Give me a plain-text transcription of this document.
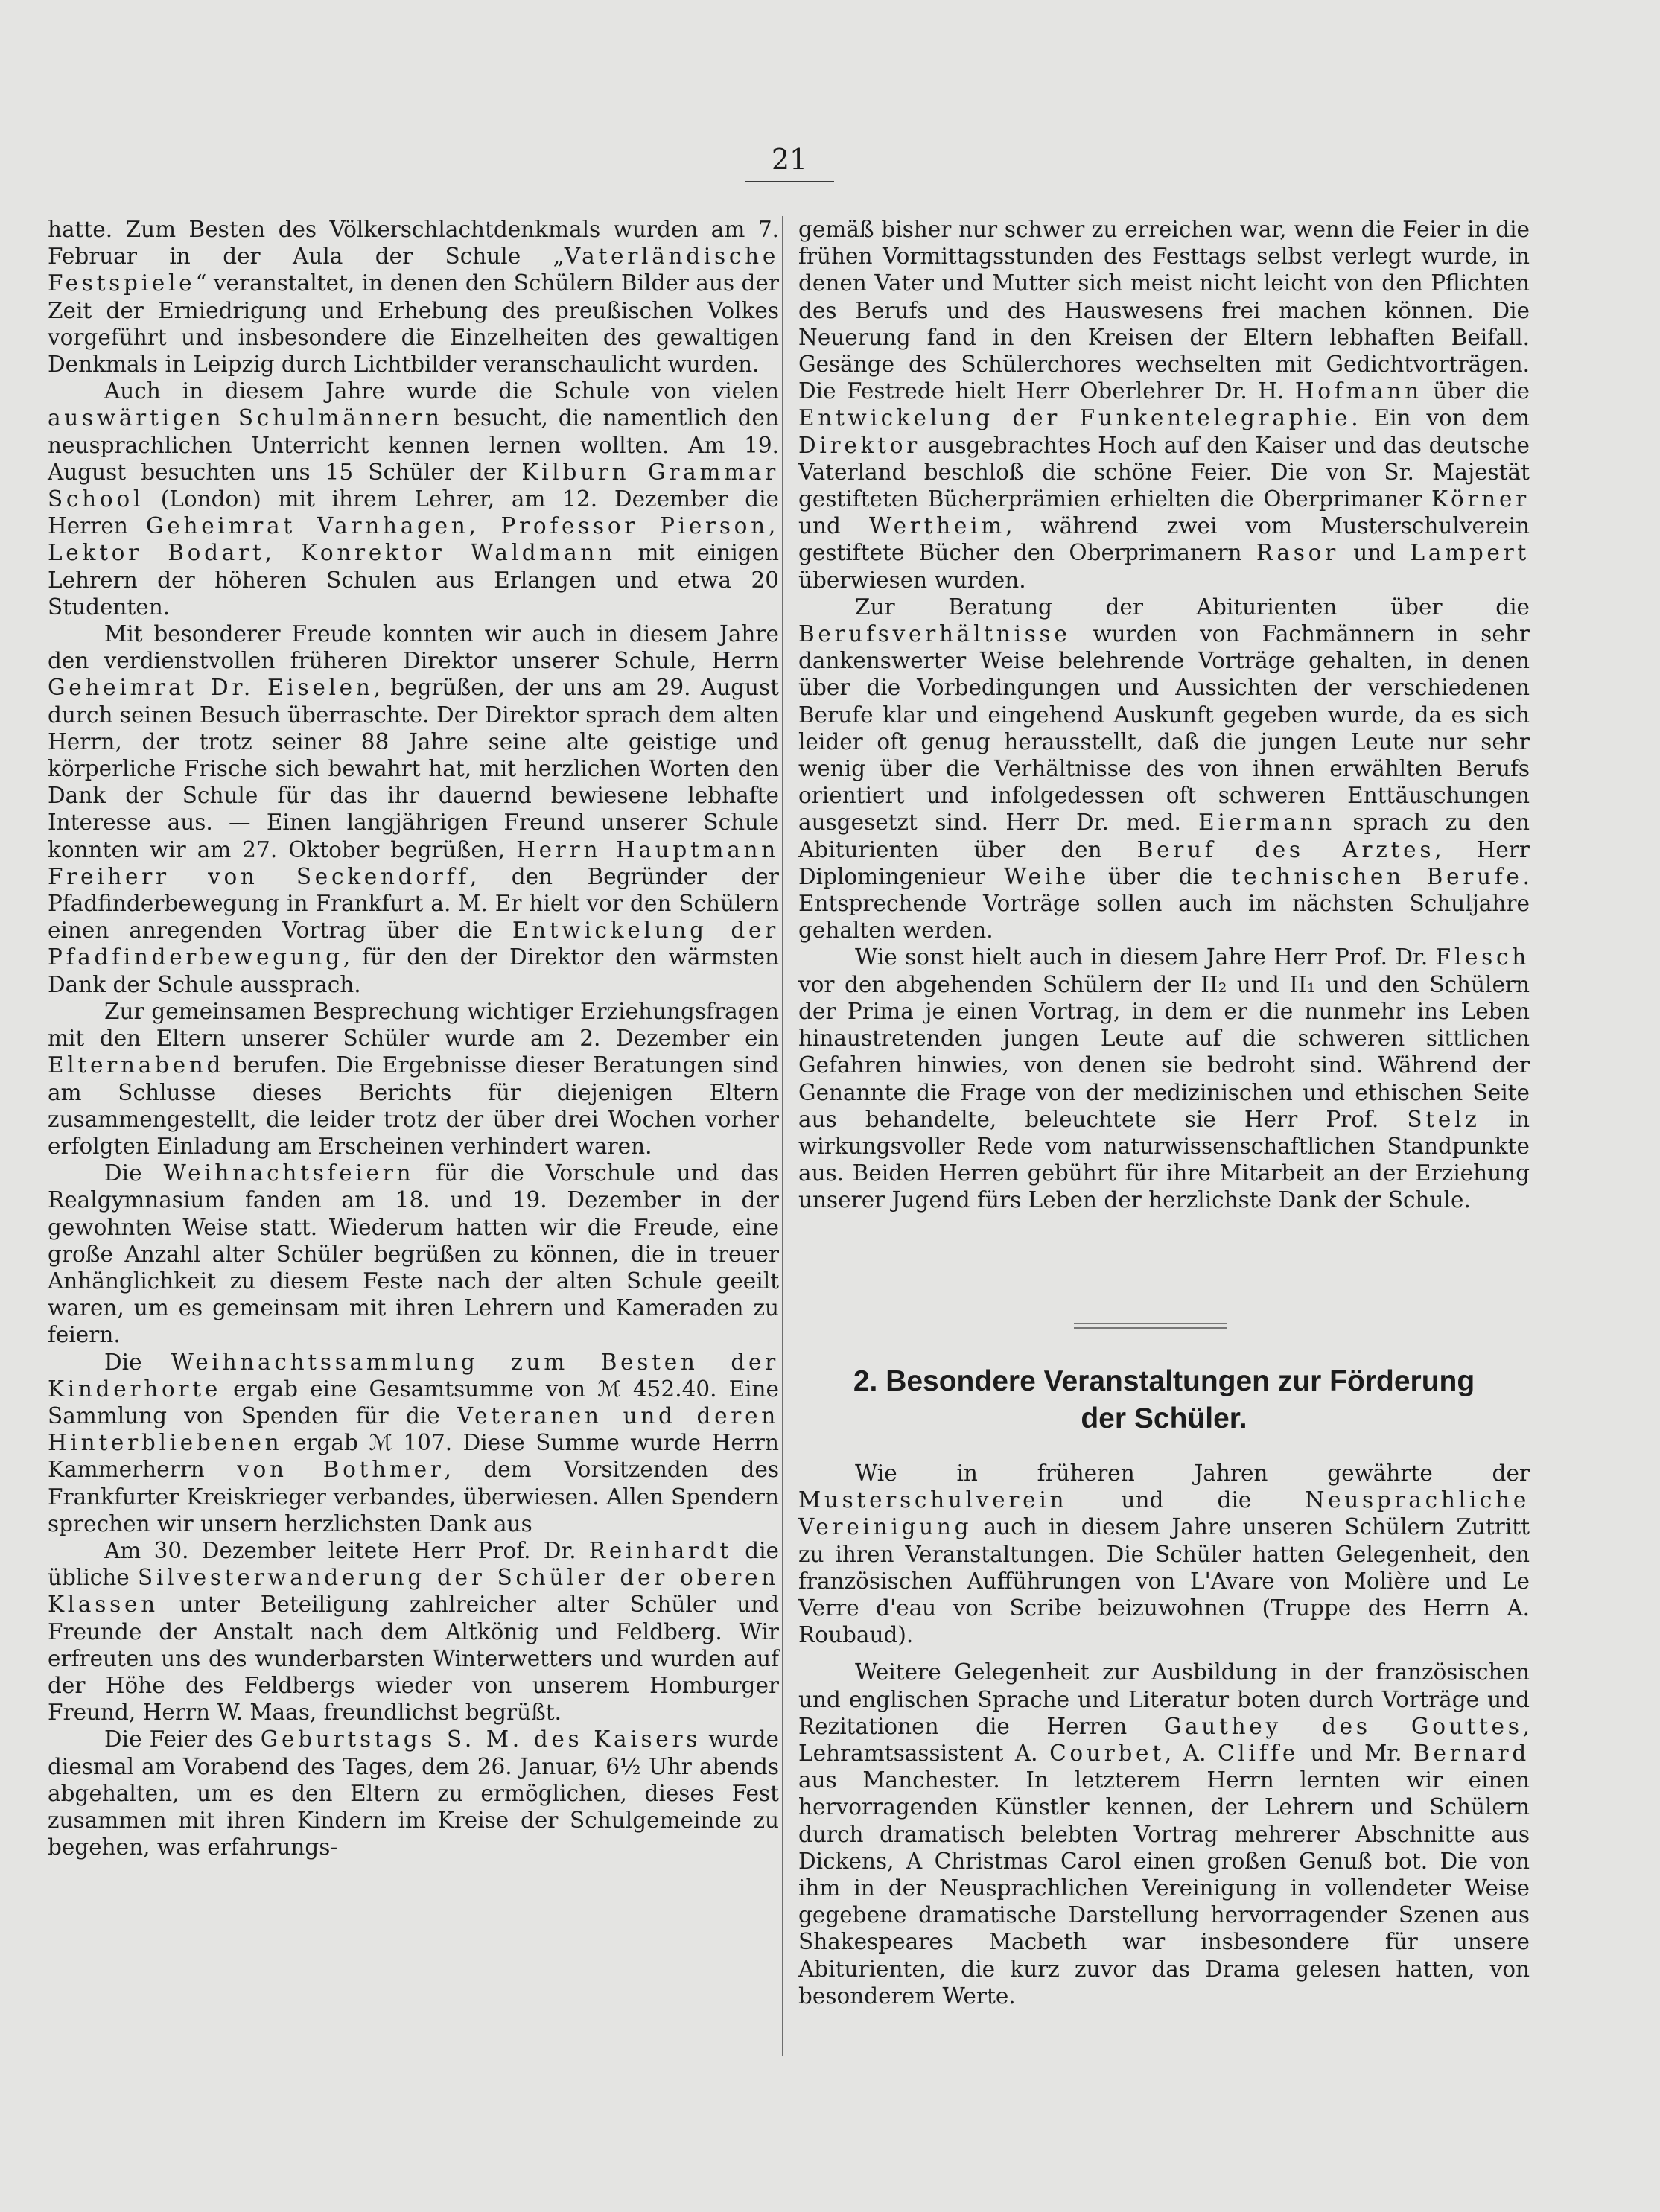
21

hatte. Zum Besten des Völkerschlachtdenkmals wurden am 7. Februar in der Aula der Schule „Vaterländische Festspiele“ veranstaltet, in denen den Schülern Bilder aus der Zeit der Erniedrigung und Erhebung des preußischen Volkes vorgeführt und insbesondere die Einzelheiten des gewaltigen Denkmals in Leipzig durch Lichtbilder veranschaulicht wurden.

Auch in diesem Jahre wurde die Schule von vielen auswärtigen Schulmännern besucht, die namentlich den neusprachlichen Unterricht kennen lernen wollten. Am 19. August besuchten uns 15 Schüler der Kilburn Grammar School (London) mit ihrem Lehrer, am 12. Dezember die Herren Geheimrat Varnhagen, Professor Pierson, Lektor Bodart, Konrektor Waldmann mit einigen Lehrern der höheren Schulen aus Erlangen und etwa 20 Studenten.

Mit besonderer Freude konnten wir auch in diesem Jahre den verdienstvollen früheren Direktor unserer Schule, Herrn Geheimrat Dr. Eiselen, begrüßen, der uns am 29. August durch seinen Besuch überraschte. Der Direktor sprach dem alten Herrn, der trotz seiner 88 Jahre seine alte geistige und körperliche Frische sich bewahrt hat, mit herzlichen Worten den Dank der Schule für das ihr dauernd bewiesene lebhafte Interesse aus. — Einen langjährigen Freund unserer Schule konnten wir am 27. Oktober begrüßen, Herrn Hauptmann Freiherr von Seckendorff, den Begründer der Pfadfinderbewegung in Frankfurt a. M. Er hielt vor den Schülern einen anregenden Vortrag über die Entwickelung der Pfadfinderbewegung, für den der Direktor den wärmsten Dank der Schule aussprach.

Zur gemeinsamen Besprechung wichtiger Erziehungsfragen mit den Eltern unserer Schüler wurde am 2. Dezember ein Elternabend berufen. Die Ergebnisse dieser Beratungen sind am Schlusse dieses Berichts für diejenigen Eltern zusammengestellt, die leider trotz der über drei Wochen vorher erfolgten Einladung am Erscheinen verhindert waren.

Die Weihnachtsfeiern für die Vorschule und das Realgymnasium fanden am 18. und 19. Dezember in der gewohnten Weise statt. Wiederum hatten wir die Freude, eine große Anzahl alter Schüler begrüßen zu können, die in treuer Anhänglichkeit zu diesem Feste nach der alten Schule geeilt waren, um es gemeinsam mit ihren Lehrern und Kameraden zu feiern.

Die Weihnachtssammlung zum Besten der Kinderhorte ergab eine Gesamtsumme von ℳ 452.40. Eine Sammlung von Spenden für die Veteranen und deren Hinterbliebenen ergab ℳ 107. Diese Summe wurde Herrn Kammerherrn von Bothmer, dem Vorsitzenden des Frankfurter Kreiskrieger verbandes, überwiesen. Allen Spendern sprechen wir unsern herzlichsten Dank aus

Am 30. Dezember leitete Herr Prof. Dr. Reinhardt die übliche Silvesterwanderung der Schüler der oberen Klassen unter Beteiligung zahlreicher alter Schüler und Freunde der Anstalt nach dem Altkönig und Feldberg. Wir erfreuten uns des wunderbarsten Winterwetters und wurden auf der Höhe des Feldbergs wieder von unserem Homburger Freund, Herrn W. Maas, freundlichst begrüßt.

Die Feier des Geburtstags S. M. des Kaisers wurde diesmal am Vorabend des Tages, dem 26. Januar, 6½ Uhr abends abgehalten, um es den Eltern zu ermöglichen, dieses Fest zusammen mit ihren Kindern im Kreise der Schulgemeinde zu begehen, was erfahrungs-

gemäß bisher nur schwer zu erreichen war, wenn die Feier in die frühen Vormittagsstunden des Festtags selbst verlegt wurde, in denen Vater und Mutter sich meist nicht leicht von den Pflichten des Berufs und des Hauswesens frei machen können. Die Neuerung fand in den Kreisen der Eltern lebhaften Beifall. Gesänge des Schülerchores wechselten mit Gedichtvorträgen. Die Festrede hielt Herr Oberlehrer Dr. H. Hofmann über die Entwickelung der Funkentelegraphie. Ein von dem Direktor ausgebrachtes Hoch auf den Kaiser und das deutsche Vaterland beschloß die schöne Feier. Die von Sr. Majestät gestifteten Bücherprämien erhielten die Oberprimaner Körner und Wertheim, während zwei vom Musterschulverein gestiftete Bücher den Oberprimanern Rasor und Lampert überwiesen wurden.

Zur Beratung der Abiturienten über die Berufsverhältnisse wurden von Fachmännern in sehr dankenswerter Weise belehrende Vorträge gehalten, in denen über die Vorbedingungen und Aussichten der verschiedenen Berufe klar und eingehend Auskunft gegeben wurde, da es sich leider oft genug herausstellt, daß die jungen Leute nur sehr wenig über die Verhältnisse des von ihnen erwählten Berufs orientiert und infolgedessen oft schweren Enttäuschungen ausgesetzt sind. Herr Dr. med. Eiermann sprach zu den Abiturienten über den Beruf des Arztes, Herr Diplomingenieur Weihe über die technischen Berufe. Entsprechende Vorträge sollen auch im nächsten Schuljahre gehalten werden.

Wie sonst hielt auch in diesem Jahre Herr Prof. Dr. Flesch vor den abgehenden Schülern der II₂ und II₁ und den Schülern der Prima je einen Vortrag, in dem er die nunmehr ins Leben hinaustretenden jungen Leute auf die schweren sittlichen Gefahren hinwies, von denen sie bedroht sind. Während der Genannte die Frage von der medizinischen und ethischen Seite aus behandelte, beleuchtete sie Herr Prof. Stelz in wirkungsvoller Rede vom naturwissenschaftlichen Standpunkte aus. Beiden Herren gebührt für ihre Mitarbeit an der Erziehung unserer Jugend fürs Leben der herzlichste Dank der Schule.

2. Besondere Veranstaltungen zur Förderung
der Schüler.

Wie in früheren Jahren gewährte der Musterschulverein und die Neusprachliche Vereinigung auch in diesem Jahre unseren Schülern Zutritt zu ihren Veranstaltungen. Die Schüler hatten Gelegenheit, den französischen Aufführungen von L'Avare von Molière und Le Verre d'eau von Scribe beizuwohnen (Truppe des Herrn A. Roubaud).

Weitere Gelegenheit zur Ausbildung in der französischen und englischen Sprache und Literatur boten durch Vorträge und Rezitationen die Herren Gauthey des Gouttes, Lehramtsassistent A. Courbet, A. Cliffe und Mr. Bernard aus Manchester. In letzterem Herrn lernten wir einen hervorragenden Künstler kennen, der Lehrern und Schülern durch dramatisch belebten Vortrag mehrerer Abschnitte aus Dickens, A Christmas Carol einen großen Genuß bot. Die von ihm in der Neusprachlichen Vereinigung in vollendeter Weise gegebene dramatische Darstellung hervorragender Szenen aus Shakespeares Macbeth war insbesondere für unsere Abiturienten, die kurz zuvor das Drama gelesen hatten, von besonderem Werte.
